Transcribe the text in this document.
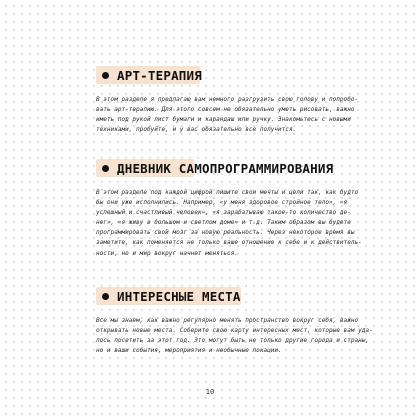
АРТ-ТЕРАПИЯ
В этом разделе я предлагаю вам немного разгрузить свою голову и попробо-
вать арт-терапию. Для этого совсем не обязательно уметь рисовать, важно
иметь под рукой лист бумаги и карандаш или ручку. Знакомьтесь с новыми
техниками, пробуйте, и у вас обязательно все получится.
ДНЕВНИК САМОПРОГРАММИРОВАНИЯ
В этом разделе под каждой цифрой пишите свои мечты и цели так, как будто
бы они уже исполнились. Например, «у меня здоровое стройное тело», «я
успешный и счастливый человек», «я зарабатываю такое-то количество де-
нег», «я живу в большом и светлом доме» и т.д. Таким образом вы будете
программировать свой мозг за новую реальность. Через некоторое время вы
заметите, как поменяется не только ваше отношение к себе и к действитель-
ности, но и мир вокруг начнет меняться.
ИНТЕРЕСНЫЕ МЕСТА
Все мы знаем, как важно регулярно менять пространство вокруг себя, важно
открывать новые места. Соберите свою карту интересных мест, которые вам уда-
лось посетить за этот год. Это могут быть не только другие города и страны,
но и ваши события, мероприятия и необычные локации.
10
